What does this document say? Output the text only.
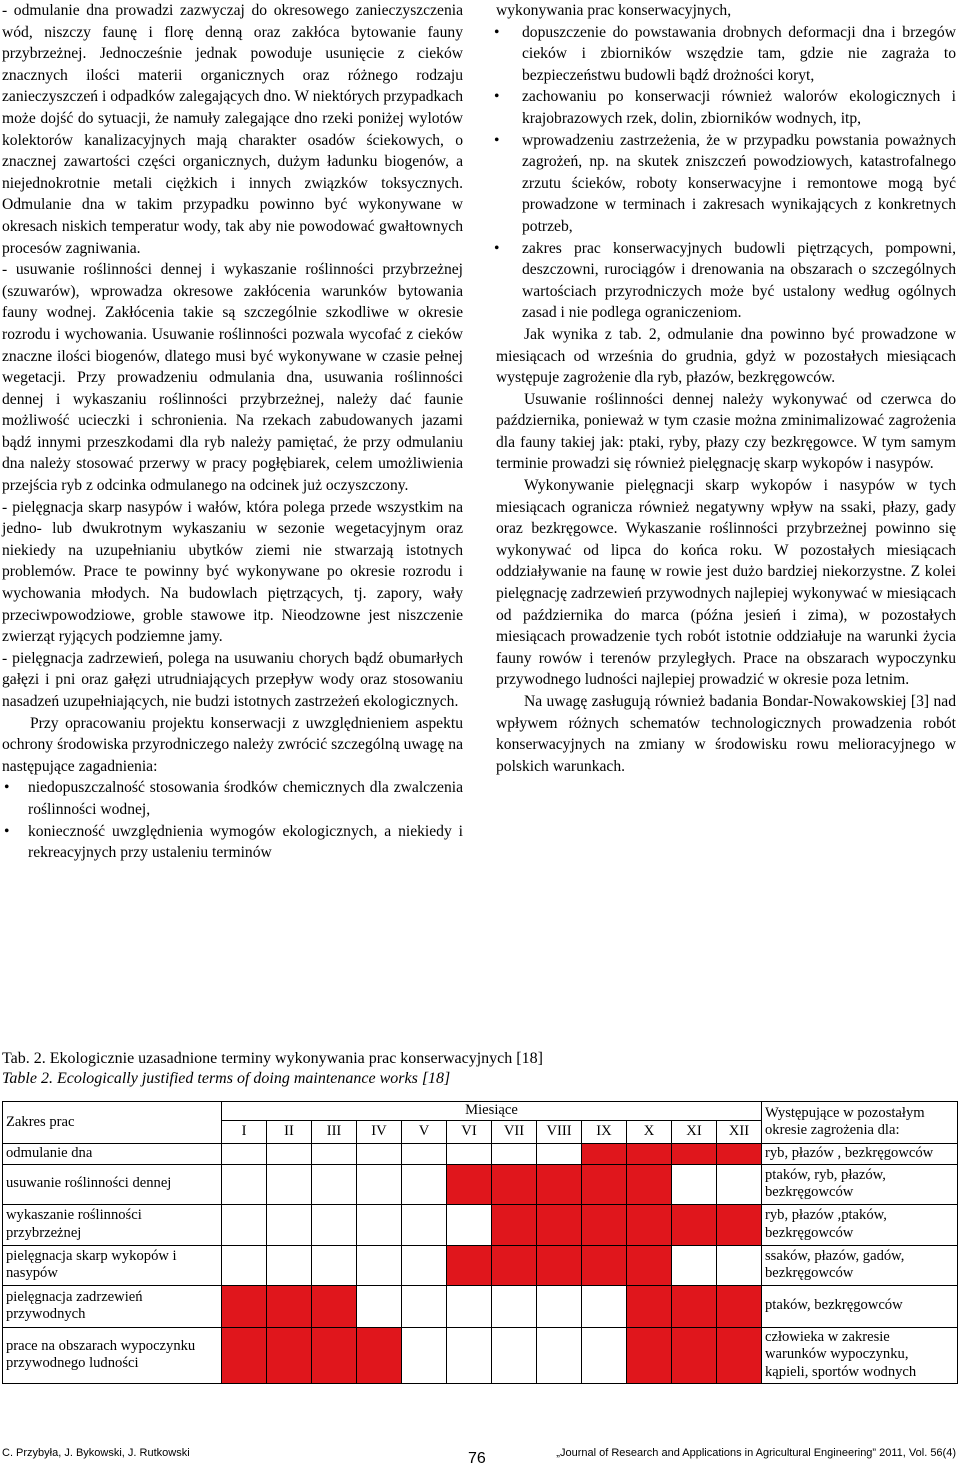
- odmulanie dna prowadzi zazwyczaj do okresowego zanieczyszczenia wód, niszczy faunę i florę denną oraz zakłóca bytowanie fauny przybrzeżnej. Jednocześnie jednak powoduje usunięcie z cieków znacznych ilości materii organicznych oraz różnego rodzaju zanieczyszczeń i odpadków zalegających dno. W niektórych przypadkach może dojść do sytuacji, że namuły zalegające dno rzeki poniżej wylotów kolektorów kanalizacyjnych mają charakter osadów ściekowych, o znacznej zawartości części organicznych, dużym ładunku biogenów, a niejednokrotnie metali ciężkich i innych związków toksycznych. Odmulanie dna w takim przypadku powinno być wykonywane w okresach niskich temperatur wody, tak aby nie powodować gwałtownych procesów zagniwania.

- usuwanie roślinności dennej i wykaszanie roślinności przybrzeżnej (szuwarów), wprowadza okresowe zakłócenia warunków bytowania fauny wodnej. Zakłócenia takie są szczególnie szkodliwe w okresie rozrodu i wychowania. Usuwanie roślinności pozwala wycofać z cieków znaczne ilości biogenów, dlatego musi być wykonywane w czasie pełnej wegetacji. Przy prowadzeniu odmulania dna, usuwania roślinności dennej i wykaszaniu roślinności przybrzeżnej, należy dać faunie możliwość ucieczki i schronienia. Na rzekach zabudowanych jazami bądź innymi przeszkodami dla ryb należy pamiętać, że przy odmulaniu dna należy stosować przerwy w pracy pogłębiarek, celem umożliwienia przejścia ryb z odcinka odmulanego na odcinek już oczyszczony.

- pielęgnacja skarp nasypów i wałów, która polega przede wszystkim na jedno- lub dwukrotnym wykaszaniu w sezonie wegetacyjnym oraz niekiedy na uzupełnianiu ubytków ziemi nie stwarzają istotnych problemów. Prace te powinny być wykonywane po okresie rozrodu i wychowania młodych. Na budowlach piętrzących, tj. zapory, wały przeciwpowodziowe, groble stawowe itp. Nieodzowne jest niszczenie zwierząt ryjących podziemne jamy.

- pielęgnacja zadrzewień, polega na usuwaniu chorych bądź obumarłych gałęzi i pni oraz gałęzi utrudniających przepływ wody oraz stosowaniu nasadzeń uzupełniających, nie budzi istotnych zastrzeżeń ekologicznych.

Przy opracowaniu projektu konserwacji z uwzględnieniem aspektu ochrony środowiska przyrodniczego należy zwrócić szczególną uwagę na następujące zagadnienia:

• niedopuszczalność stosowania środków chemicznych dla zwalczenia roślinności wodnej,

• konieczność uwzględnienia wymogów ekologicznych, a niekiedy i rekreacyjnych przy ustaleniu terminów

wykonywania prac konserwacyjnych,

• dopuszczenie do powstawania drobnych deformacji dna i brzegów cieków i zbiorników wszędzie tam, gdzie nie zagraża to bezpieczeństwu budowli bądź drożności koryt,

• zachowaniu po konserwacji również walorów ekologicznych i krajobrazowych rzek, dolin, zbiorników wodnych, itp,

• wprowadzeniu zastrzeżenia, że w przypadku powstania poważnych zagrożeń, np. na skutek zniszczeń powodziowych, katastrofalnego zrzutu ścieków, roboty konserwacyjne i remontowe mogą być prowadzone w terminach i zakresach wynikających z konkretnych potrzeb,

• zakres prac konserwacyjnych budowli piętrzących, pompowni, deszczowni, rurociągów i drenowania na obszarach o szczególnych wartościach przyrodniczych może być ustalony według ogólnych zasad i nie podlega ograniczeniom.

Jak wynika z tab. 2, odmulanie dna powinno być prowadzone w miesiącach od września do grudnia, gdyż w pozostałych miesiącach występuje zagrożenie dla ryb, płazów, bezkręgowców.

Usuwanie roślinności dennej należy wykonywać od czerwca do października, ponieważ w tym czasie można zminimalizować zagrożenia dla fauny takiej jak: ptaki, ryby, płazy czy bezkręgowce. W tym samym terminie prowadzi się również pielęgnację skarp wykopów i nasypów.

Wykonywanie pielęgnacji skarp wykopów i nasypów w tych miesiącach ogranicza również negatywny wpływ na ssaki, płazy, gady oraz bezkręgowce. Wykaszanie roślinności przybrzeżnej powinno się wykonywać od lipca do końca roku. W pozostałych miesiącach oddziaływanie na faunę w rowie jest dużo bardziej niekorzystne. Z kolei pielęgnację zadrzewień przywodnych najlepiej wykonywać w miesiącach od października do marca (późna jesień i zima), w pozostałych miesiącach prowadzenie tych robót istotnie oddziałuje na warunki życia fauny rowów i terenów przyległych. Prace na obszarach wypoczynku przywodnego ludności najlepiej prowadzić w okresie poza letnim.

Na uwagę zasługują również badania Bondar-Nowakowskiej [3] nad wpływem różnych schematów technologicznych prowadzenia robót konserwacyjnych na zmiany w środowisku rowu melioracyjnego w polskich warunkach.

Tab. 2. Ekologicznie uzasadnione terminy wykonywania prac konserwacyjnych [18]
Table 2. Ecologically justified terms of doing maintenance works [18]
Zakres prac	Miesiące												Występujące w pozostałym okresie zagrożenia dla:
	I	II	III	IV	V	VI	VII	VIII	IX	X	XI	XII	
odmulanie dna													ryb, płazów , bezkręgowców
usuwanie roślinności dennej													ptaków, ryb, płazów, bezkręgowców
wykaszanie roślinności przybrzeżnej													ryb, płazów ,ptaków, bezkręgowców
pielęgnacja skarp wykopów i nasypów													ssaków, płazów, gadów, bezkręgowców
pielęgnacja zadrzewień przywodnych													ptaków, bezkręgowców
prace na obszarach wypoczynku przywodnego ludności													człowieka w zakresie warunków wypoczynku, kąpieli, sportów wodnych
C. Przybyła, J. Bykowski, J. Rutkowski	76	„Journal of Research and Applications in Agricultural Engineering” 2011, Vol. 56(4)
